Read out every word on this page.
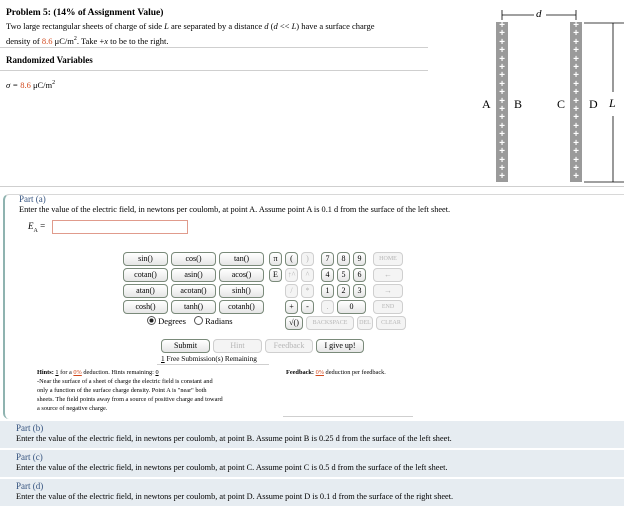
Problem 5: (14% of Assignment Value)
Two large rectangular sheets of charge of side L are separated by a distance d (d << L) have a surface charge
density of 8.6 $\mu C/m^2$. Take +x to be to the right.
Randomized Variables
σ = 8.6 $\mu C/m^2$
d
+
+
+
+
+
+
+
+
+
+
+
+
+
+
+
+
+
+
+
+
+
+
+
+
+
+
+
+
+
+
+
+
+
+
+
+
+
+
A B	C D L
Part (a)
Enter the value of the electric field, in newtons per coulomb, at point A. Assume point A is 0.1 d from the surface of the left sheet.
$E_A$ =
sin()	cos()	tan()
cotan()	asin()	acos()
atan()	acotan()	sinh()
cosh()	tanh()	cotanh()
π	(	)
E	↑^	^
/	*
+	-
√()
7	8	9
4	5	6
1	2	3
.	0
HOME
←
→
END
BACKSPACE	DEL	CLEAR
Degrees	Radians
Submit	Hint	Feedback	I give up!
1 Free Submission(s) Remaining
Hints: 1 for a 0% deduction. Hints remaining: 0
-Near the surface of a sheet of charge the electric field is constant and
only a function of the surface charge density. Point A is "near" both
sheets. The field points away from a source of positive charge and toward
a source of negative charge.
Feedback: 0% deduction per feedback.
Part (b)
Enter the value of the electric field, in newtons per coulomb, at point B. Assume point B is 0.25 d from the surface of the left sheet.
Part (c)
Enter the value of the electric field, in newtons per coulomb, at point C. Assume point C is 0.5 d from the surface of the left sheet.
Part (d)
Enter the value of the electric field, in newtons per coulomb, at point D. Assume point D is 0.1 d from the surface of the right sheet.
